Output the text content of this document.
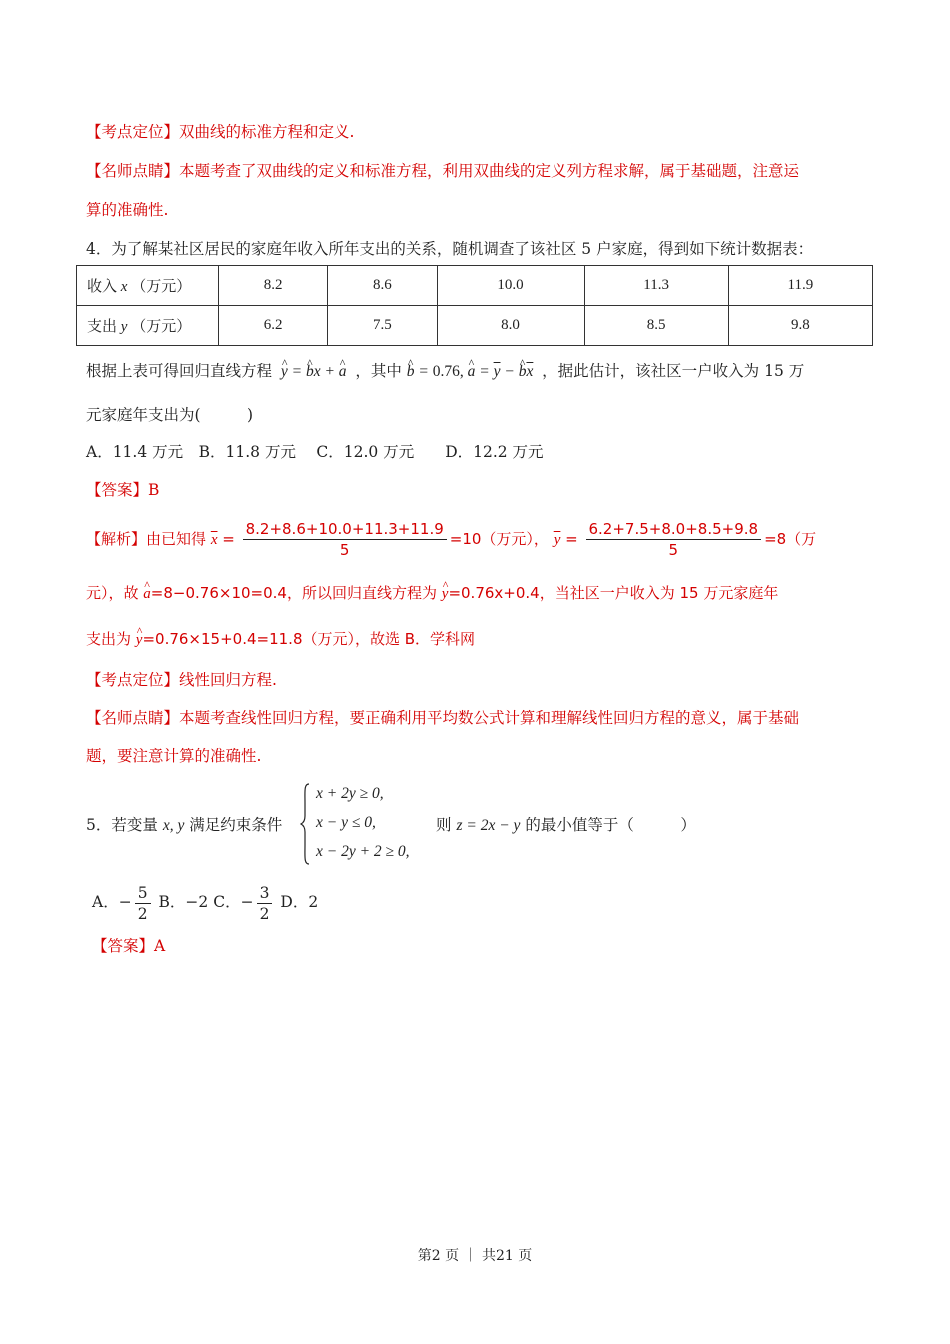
【考点定位】双曲线的标准方程和定义.
【名师点睛】本题考查了双曲线的定义和标准方程，利用双曲线的定义列方程求解，属于基础题，注意运
算的准确性.
4．为了解某社区居民的家庭年收入所年支出的关系，随机调查了该社区 5 户家庭，得到如下统计数据表：
收入 x （万元）	8.2	8.6	10.0	11.3	11.9
支出 y （万元）	6.2	7.5	8.0	8.5	9.8
根据上表可得回归直线方程 ^ y = ^ bx + ^ a ，其中 ^ b = 0.76, ^ $a = \overline{y}$ − ^ $b\overline{x}$ ，据此估计，该社区一户收入为 15 万
元家庭年支出为(　　　)
A．11.4 万元　B．11.8 万元　 C．12.0 万元　　D．12.2 万元
【答案】B
【解析】由已知得 $\overline{x} = \frac{8.2+8.6+10.0+11.3+11.9}{5} =10$（万元）， $\overline{y} = \frac{6.2+7.5+8.0+8.5+9.8}{5} =8$（万
元），故 ^ a=8−0.76×10=0.4，所以回归直线方程为 ^ y=0.76x+0.4，当社区一户收入为 15 万元家庭年
支出为 ^ y=0.76×15+0.4=11.8（万元），故选 B．学科网
【考点定位】线性回归方程.
【名师点睛】本题考查线性回归方程，要正确利用平均数公式计算和理解线性回归方程的意义，属于基础
题，要注意计算的准确性.
5．若变量 x, y 满足约束条件
x + 2y ≥ 0,
x − y ≤ 0,
x − 2y + 2 ≥ 0,
则 z = 2x − y 的最小值等于（　　　）
A．− $\frac{5}{2}$ B．−2 C．− $\frac{3}{2}$ D．2
【答案】A
第2 页 ｜ 共21 页
